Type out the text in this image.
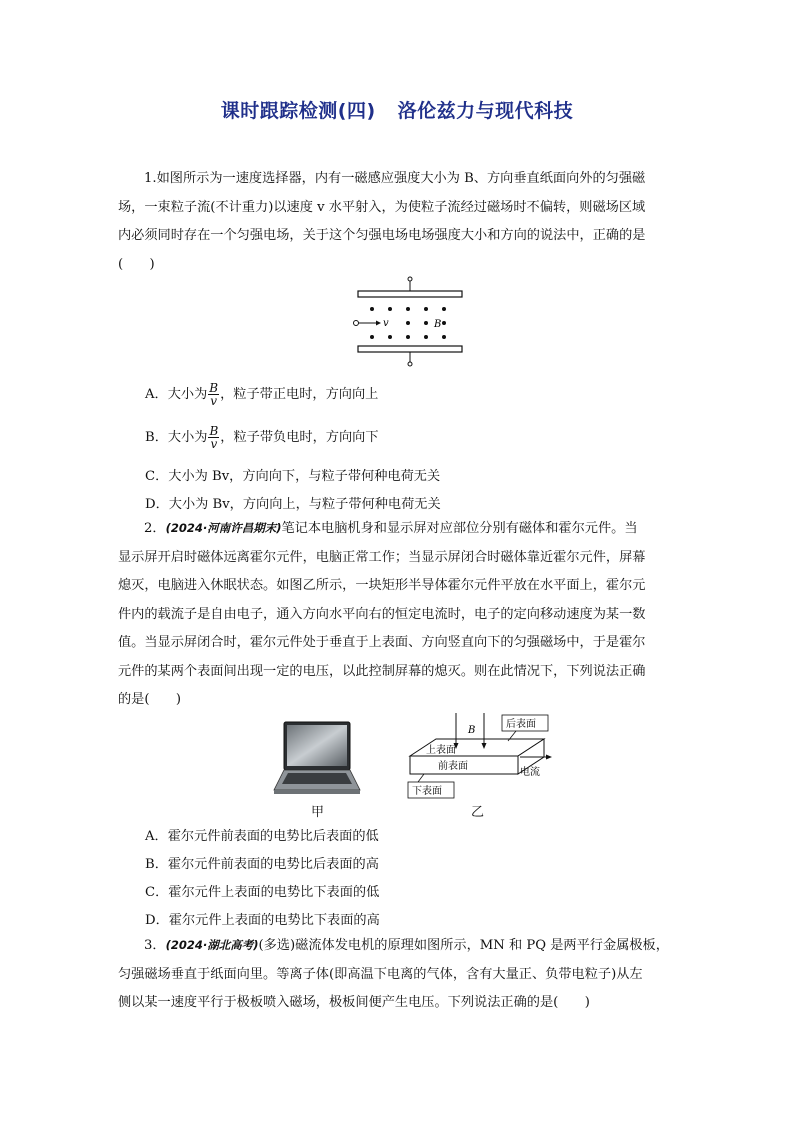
课时跟踪检测(四) 洛伦兹力与现代科技
1.如图所示为一速度选择器，内有一磁感应强度大小为 B、方向垂直纸面向外的匀强磁
场，一束粒子流(不计重力)以速度 v 水平射入，为使粒子流经过磁场时不偏转，则磁场区域
内必须同时存在一个匀强电场，关于这个匀强电场电场强度大小和方向的说法中，正确的是
(　　)
v	B
A．大小为 $\frac{B}{v}$ ，粒子带正电时，方向向上
B．大小为 $\frac{B}{v}$ ，粒子带负电时，方向向下
C．大小为 Bv，方向向下，与粒子带何种电荷无关
D．大小为 Bv，方向向上，与粒子带何种电荷无关
2．(2024·河南许昌期末)笔记本电脑机身和显示屏对应部位分别有磁体和霍尔元件。当
显示屏开启时磁体远离霍尔元件，电脑正常工作；当显示屏闭合时磁体靠近霍尔元件，屏幕
熄灭，电脑进入休眠状态。如图乙所示，一块矩形半导体霍尔元件平放在水平面上，霍尔元
件内的载流子是自由电子，通入方向水平向右的恒定电流时，电子的定向移动速度为某一数
值。当显示屏闭合时，霍尔元件处于垂直于上表面、方向竖直向下的匀强磁场中，于是霍尔
元件的某两个表面间出现一定的电压，以此控制屏幕的熄灭。则在此情况下，下列说法正确
的是(　　)
甲
B
后表面
上表面
前表面
电流
下表面
乙
A．霍尔元件前表面的电势比后表面的低
B．霍尔元件前表面的电势比后表面的高
C．霍尔元件上表面的电势比下表面的低
D．霍尔元件上表面的电势比下表面的高
3．(2024·湖北高考)(多选)磁流体发电机的原理如图所示，MN 和 PQ 是两平行金属极板，
匀强磁场垂直于纸面向里。等离子体(即高温下电离的气体，含有大量正、负带电粒子)从左
侧以某一速度平行于极板喷入磁场，极板间便产生电压。下列说法正确的是(　　)
